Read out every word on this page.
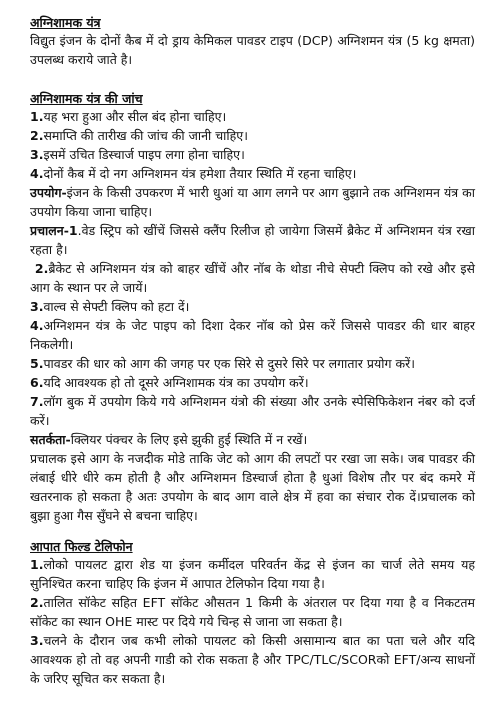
अग्निशामक यंत्र

विद्युत इंजन के दोनों कैब में दो ड्राय केमिकल पावडर टाइप (DCP) अग्निशमन यंत्र (5 kg क्षमता) उपलब्ध कराये जाते है।

अग्निशामक यंत्र की जांच

1.यह भरा हुआ और सील बंद होना चाहिए।

2.समाप्ति की तारीख की जांच की जानी चाहिए।

3.इसमें उचित डिस्चार्ज पाइप लगा होना चाहिए।

4.दोनों कैब में दो नग अग्निशमन यंत्र हमेशा तैयार स्थिति में रहना चाहिए।

उपयोग-इंजन के किसी उपकरण में भारी धुआं या आग लगने पर आग बुझाने तक अग्निशमन यंत्र का उपयोग किया जाना चाहिए।

प्रचालन-1.वेड स्ट्रिप को खींचें जिससे क्लैंप रिलीज हो जायेगा जिसमें ब्रैकेट में अग्निशमन यंत्र रखा रहता है।

2.ब्रैकेट से अग्निशमन यंत्र को बाहर खींचें और नॉब के थोडा नीचे सेफ्टी क्लिप को रखे और इसे आग के स्थान पर ले जायें।

3.वाल्व से सेफ्टी क्लिप को हटा दें।

4.अग्निशमन यंत्र के जेट पाइप को दिशा देकर नॉब को प्रेस करें जिससे पावडर की धार बाहर निकलेगी।

5.पावडर की धार को आग की जगह पर एक सिरे से दुसरे सिरे पर लगातार प्रयोग करें।

6.यदि आवश्यक हो तो दूसरे अग्निशामक यंत्र का उपयोग करें।

7.लॉग बुक में उपयोग किये गये अग्निशमन यंत्रो की संख्या और उनके स्पेसिफिकेशन नंबर को दर्ज करें।

सतर्कता-क्लियर पंक्चर के लिए इसे झुकी हुई स्थिति में न रखें।

प्रचालक इसे आग के नजदीक मोडे ताकि जेट को आग की लपटों पर रखा जा सके। जब पावडर की लंबाई धीरे धीरे कम होती है और अग्निशमन डिस्चार्ज होता है धुआं विशेष तौर पर बंद कमरे में खतरनाक हो सकता है अतः उपयोग के बाद आग वाले क्षेत्र में हवा का संचार रोक दें।प्रचालक को बुझा हुआ गैस सुँघने से बचना चाहिए।

आपात फिल्ड टेलिफोन

1.लोको पायलट द्वारा शेड या इंजन कर्मीदल परिवर्तन केंद्र से इंजन का चार्ज लेते समय यह सुनिश्चित करना चाहिए कि इंजन में आपात टेलिफोन दिया गया है।

2.तालित सॉकेट सहित EFT सॉकेट औसतन 1 किमी के अंतराल पर दिया गया है व निकटतम सॉकेट का स्थान OHE मास्ट पर दिये गये चिन्ह से जाना जा सकता है।

3.चलने के दौरान जब कभी लोको पायलट को किसी असामान्य बात का पता चले और यदि आवश्यक हो तो वह अपनी गाडी को रोक सकता है और TPC/TLC/SCORको EFT/अन्य साधनों के जरिए सूचित कर सकता है।
